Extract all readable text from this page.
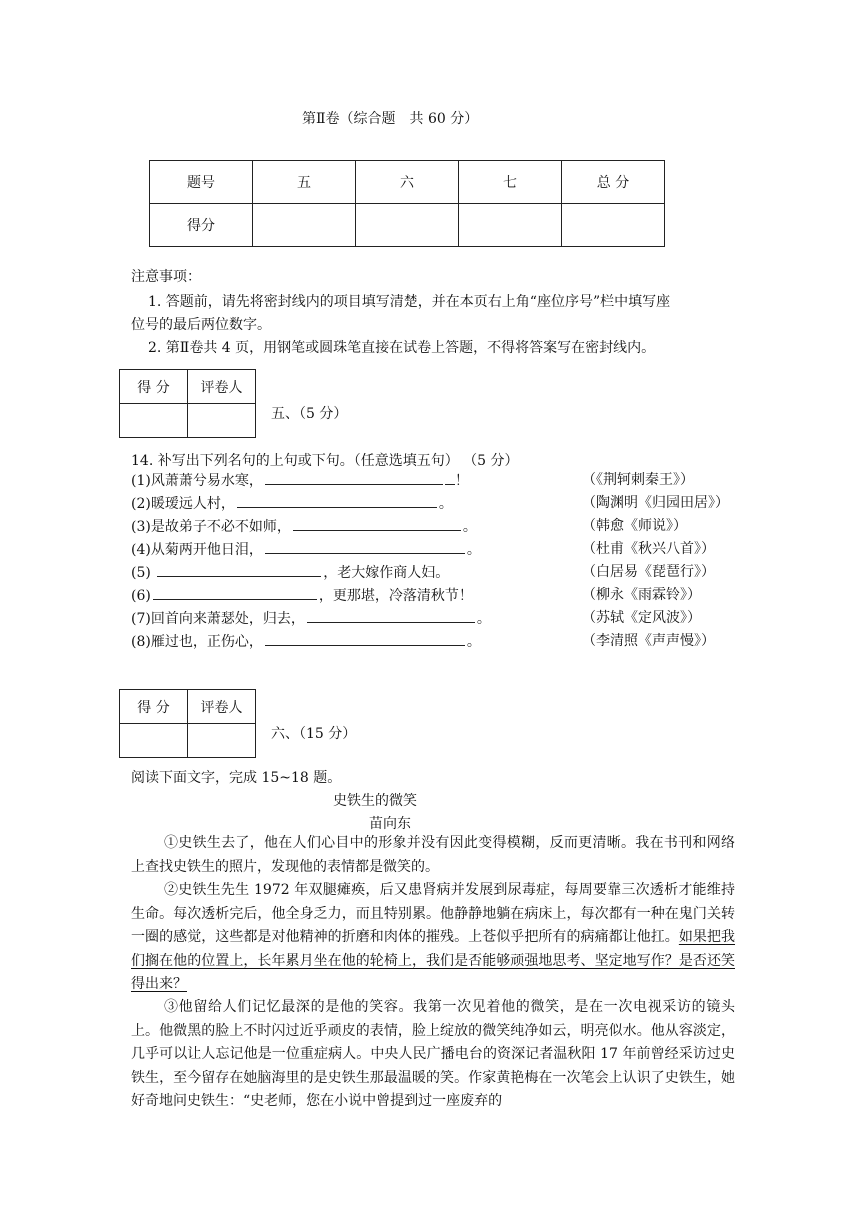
第Ⅱ卷（综合题　共 60 分）
题号	五	六	七	总 分
得分				
注意事项：
1. 答题前，请先将密封线内的项目填写清楚，并在本页右上角“座位序号”栏中填写座
位号的最后两位数字。
2. 第Ⅱ卷共 4 页，用钢笔或圆珠笔直接在试卷上答题，不得将答案写在密封线内。
得 分	评卷人

五、（5 分）
14. 补写出下列名句的上句或下句。（任意选填五句） （5 分）
(1)风萧萧兮易水寒，	！	（《荆轲刺秦王》）
(2)暖瑷远人村，	。	（陶渊明《归园田居》）
(3)是故弟子不必不如师，	。	（韩愈《师说》）
(4)从菊两开他日泪，	。	（杜甫《秋兴八首》）
(5)	，老大嫁作商人妇。	（白居易《琵琶行》）
(6)	，更那堪，冷落清秋节！	（柳永《雨霖铃》）
(7)回首向来萧瑟处，归去，	。	（苏轼《定风波》）
(8)雁过也，正伤心，	。	（李清照《声声慢》）
得 分	评卷人

六、（15 分）
阅读下面文字，完成 15~18 题。
史铁生的微笑
苗向东
①史铁生去了，他在人们心目中的形象并没有因此变得模糊，反而更清晰。我在书刊和网络上查找史铁生的照片，发现他的表情都是微笑的。
②史铁生先生 1972 年双腿瘫痪，后又患肾病并发展到尿毒症，每周要靠三次透析才能维持生命。每次透析完后，他全身乏力，而且特别累。他静静地躺在病床上，每次都有一种在鬼门关转一圈的感觉，这些都是对他精神的折磨和肉体的摧残。上苍似乎把所有的病痛都让他扛。如果把我们搁在他的位置上，长年累月坐在他的轮椅上，我们是否能够顽强地思考、坚定地写作？是否还笑得出来？
③他留给人们记忆最深的是他的笑容。我第一次见着他的微笑，是在一次电视采访的镜头上。他微黑的脸上不时闪过近乎顽皮的表情，脸上绽放的微笑纯净如云，明亮似水。他从容淡定，几乎可以让人忘记他是一位重症病人。中央人民广播电台的资深记者温秋阳 17 年前曾经采访过史铁生，至今留存在她脑海里的是史铁生那最温暖的笑。作家黄艳梅在一次笔会上认识了史铁生，她好奇地问史铁生：“史老师，您在小说中曾提到过一座废弃的
